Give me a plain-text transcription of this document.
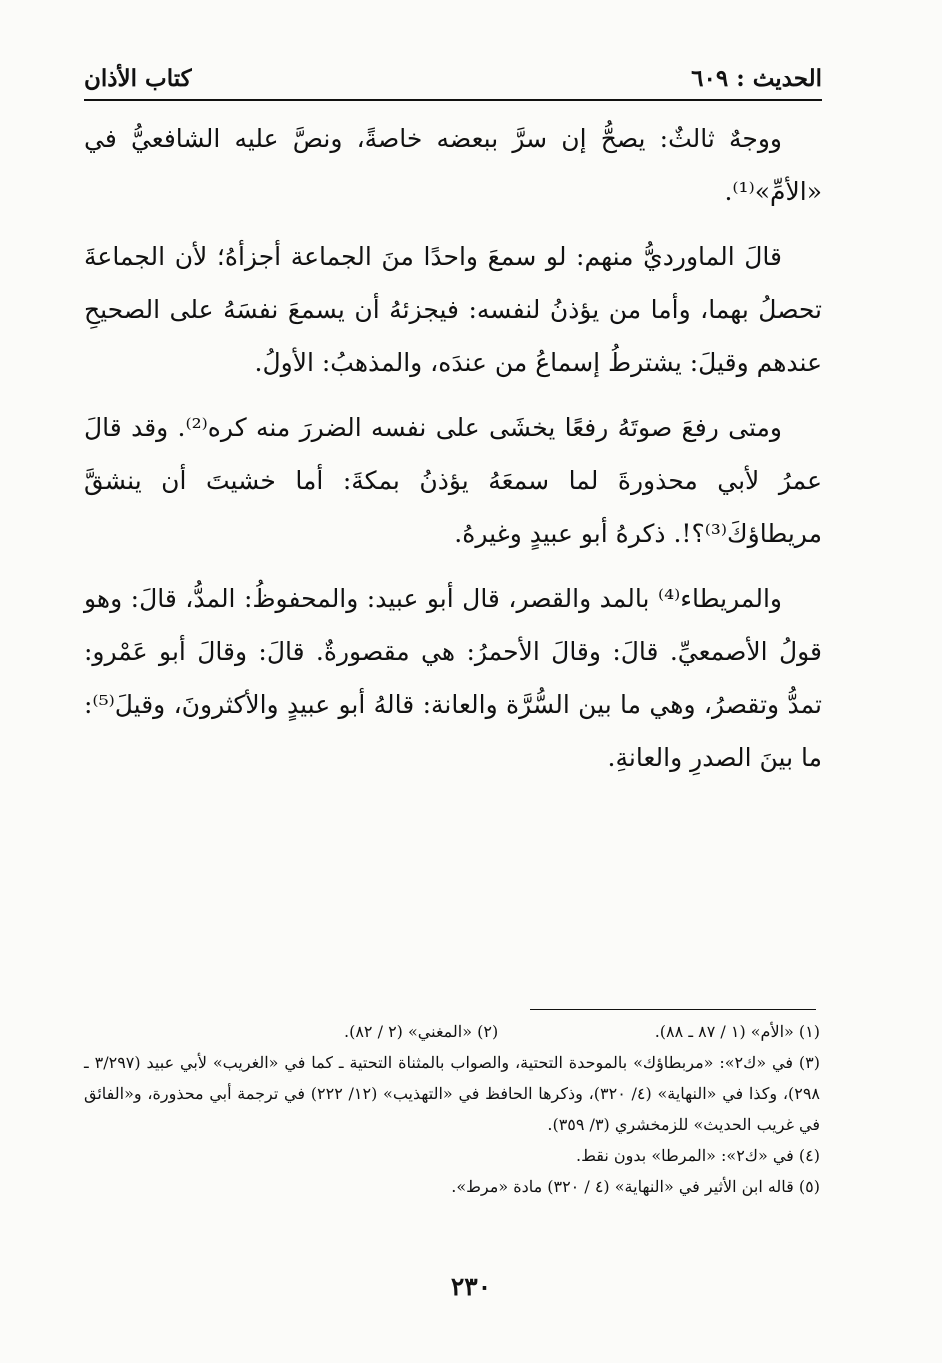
الحديث : ٦٠٩
كتاب الأذان

ووجهٌ ثالثٌ: يصحُّ إن سرَّ ببعضه خاصةً، ونصَّ عليه الشافعيُّ في «الأمِّ»⁽¹⁾.

قالَ الماورديُّ منهم: لو سمعَ واحدًا منَ الجماعة أجزأهُ؛ لأن الجماعةَ تحصلُ بهما، وأما من يؤذنُ لنفسه: فيجزئهُ أن يسمعَ نفسَهُ على الصحيحِ عندهم وقيلَ: يشترطُ إسماعُ من عندَه، والمذهبُ: الأولُ.

ومتى رفعَ صوتَهُ رفعًا يخشَى على نفسه الضررَ منه كره⁽²⁾. وقد قالَ عمرُ لأبي محذورةَ لما سمعَهُ يؤذنُ بمكةَ: أما خشيتَ أن ينشقَّ مريطاؤكَ⁽³⁾؟!. ذكرهُ أبو عبيدٍ وغيرهُ.

والمريطاء⁽⁴⁾ بالمد والقصر، قال أبو عبيد: والمحفوظُ: المدُّ، قالَ: وهو قولُ الأصمعيِّ. قالَ: وقالَ الأحمرُ: هي مقصورةٌ. قالَ: وقالَ أبو عَمْرو: تمدُّ وتقصرُ، وهي ما بين السُّرَّة والعانة: قالهُ أبو عبيدٍ والأكثرونَ، وقيلَ⁽⁵⁾: ما بينَ الصدرِ والعانةِ.

(١) «الأم» (١ / ٨٧ ـ ٨٨).
(٢) «المغني» (٢ / ٨٢).

(٣) في «ك٢»: «مربطاؤك» بالموحدة التحتية، والصواب بالمثناة التحتية ـ كما في «الغريب» لأبي عبيد (٣/٢٩٧ ـ ٢٩٨)، وكذا في «النهاية» (٤/ ٣٢٠)، وذكرها الحافظ في «التهذيب» (١٢/ ٢٢٢) في ترجمة أبي محذورة، و«الفائق في غريب الحديث» للزمخشري (٣/ ٣٥٩).

(٤) في «ك٢»: «المرطا» بدون نقط.

(٥) قاله ابن الأثير في «النهاية» (٤ / ٣٢٠) مادة «مرط».

٢٣٠
